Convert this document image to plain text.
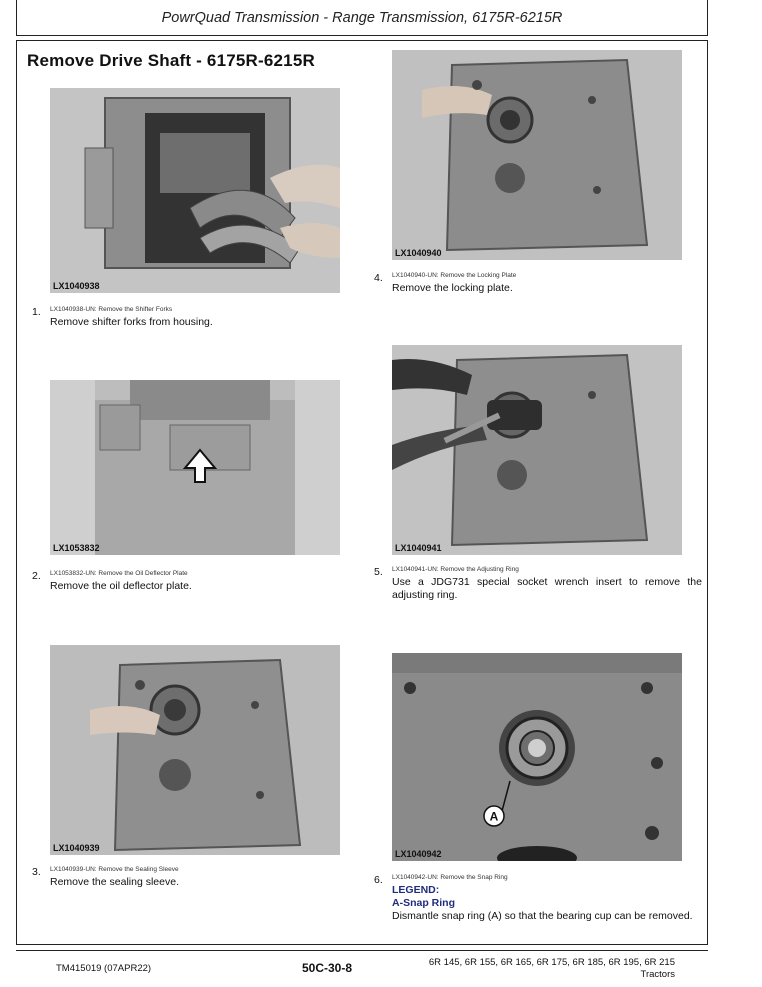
PowrQuad Transmission - Range Transmission, 6175R-6215R
Remove Drive Shaft - 6175R-6215R
LX1040938
1. LX1040938-UN: Remove the Shifter Forks
Remove shifter forks from housing.
LX1053832
2. LX1053832-UN: Remove the Oil Deflector Plate
Remove the oil deflector plate.
LX1040939
3. LX1040939-UN: Remove the Sealing Sleeve
Remove the sealing sleeve.
LX1040940
4. LX1040940-UN: Remove the Locking Plate
Remove the locking plate.
LX1040941
5. LX1040941-UN: Remove the Adjusting Ring
Use a JDG731 special socket wrench insert to remove the adjusting ring.
A
LX1040942
6. LX1040942-UN: Remove the Snap Ring
LEGEND:
A-Snap Ring
Dismantle snap ring (A) so that the bearing cup can be removed.
TM415019 (07APR22)	50C-30-8	6R 145, 6R 155, 6R 165, 6R 175, 6R 185, 6R 195, 6R 215
Tractors
